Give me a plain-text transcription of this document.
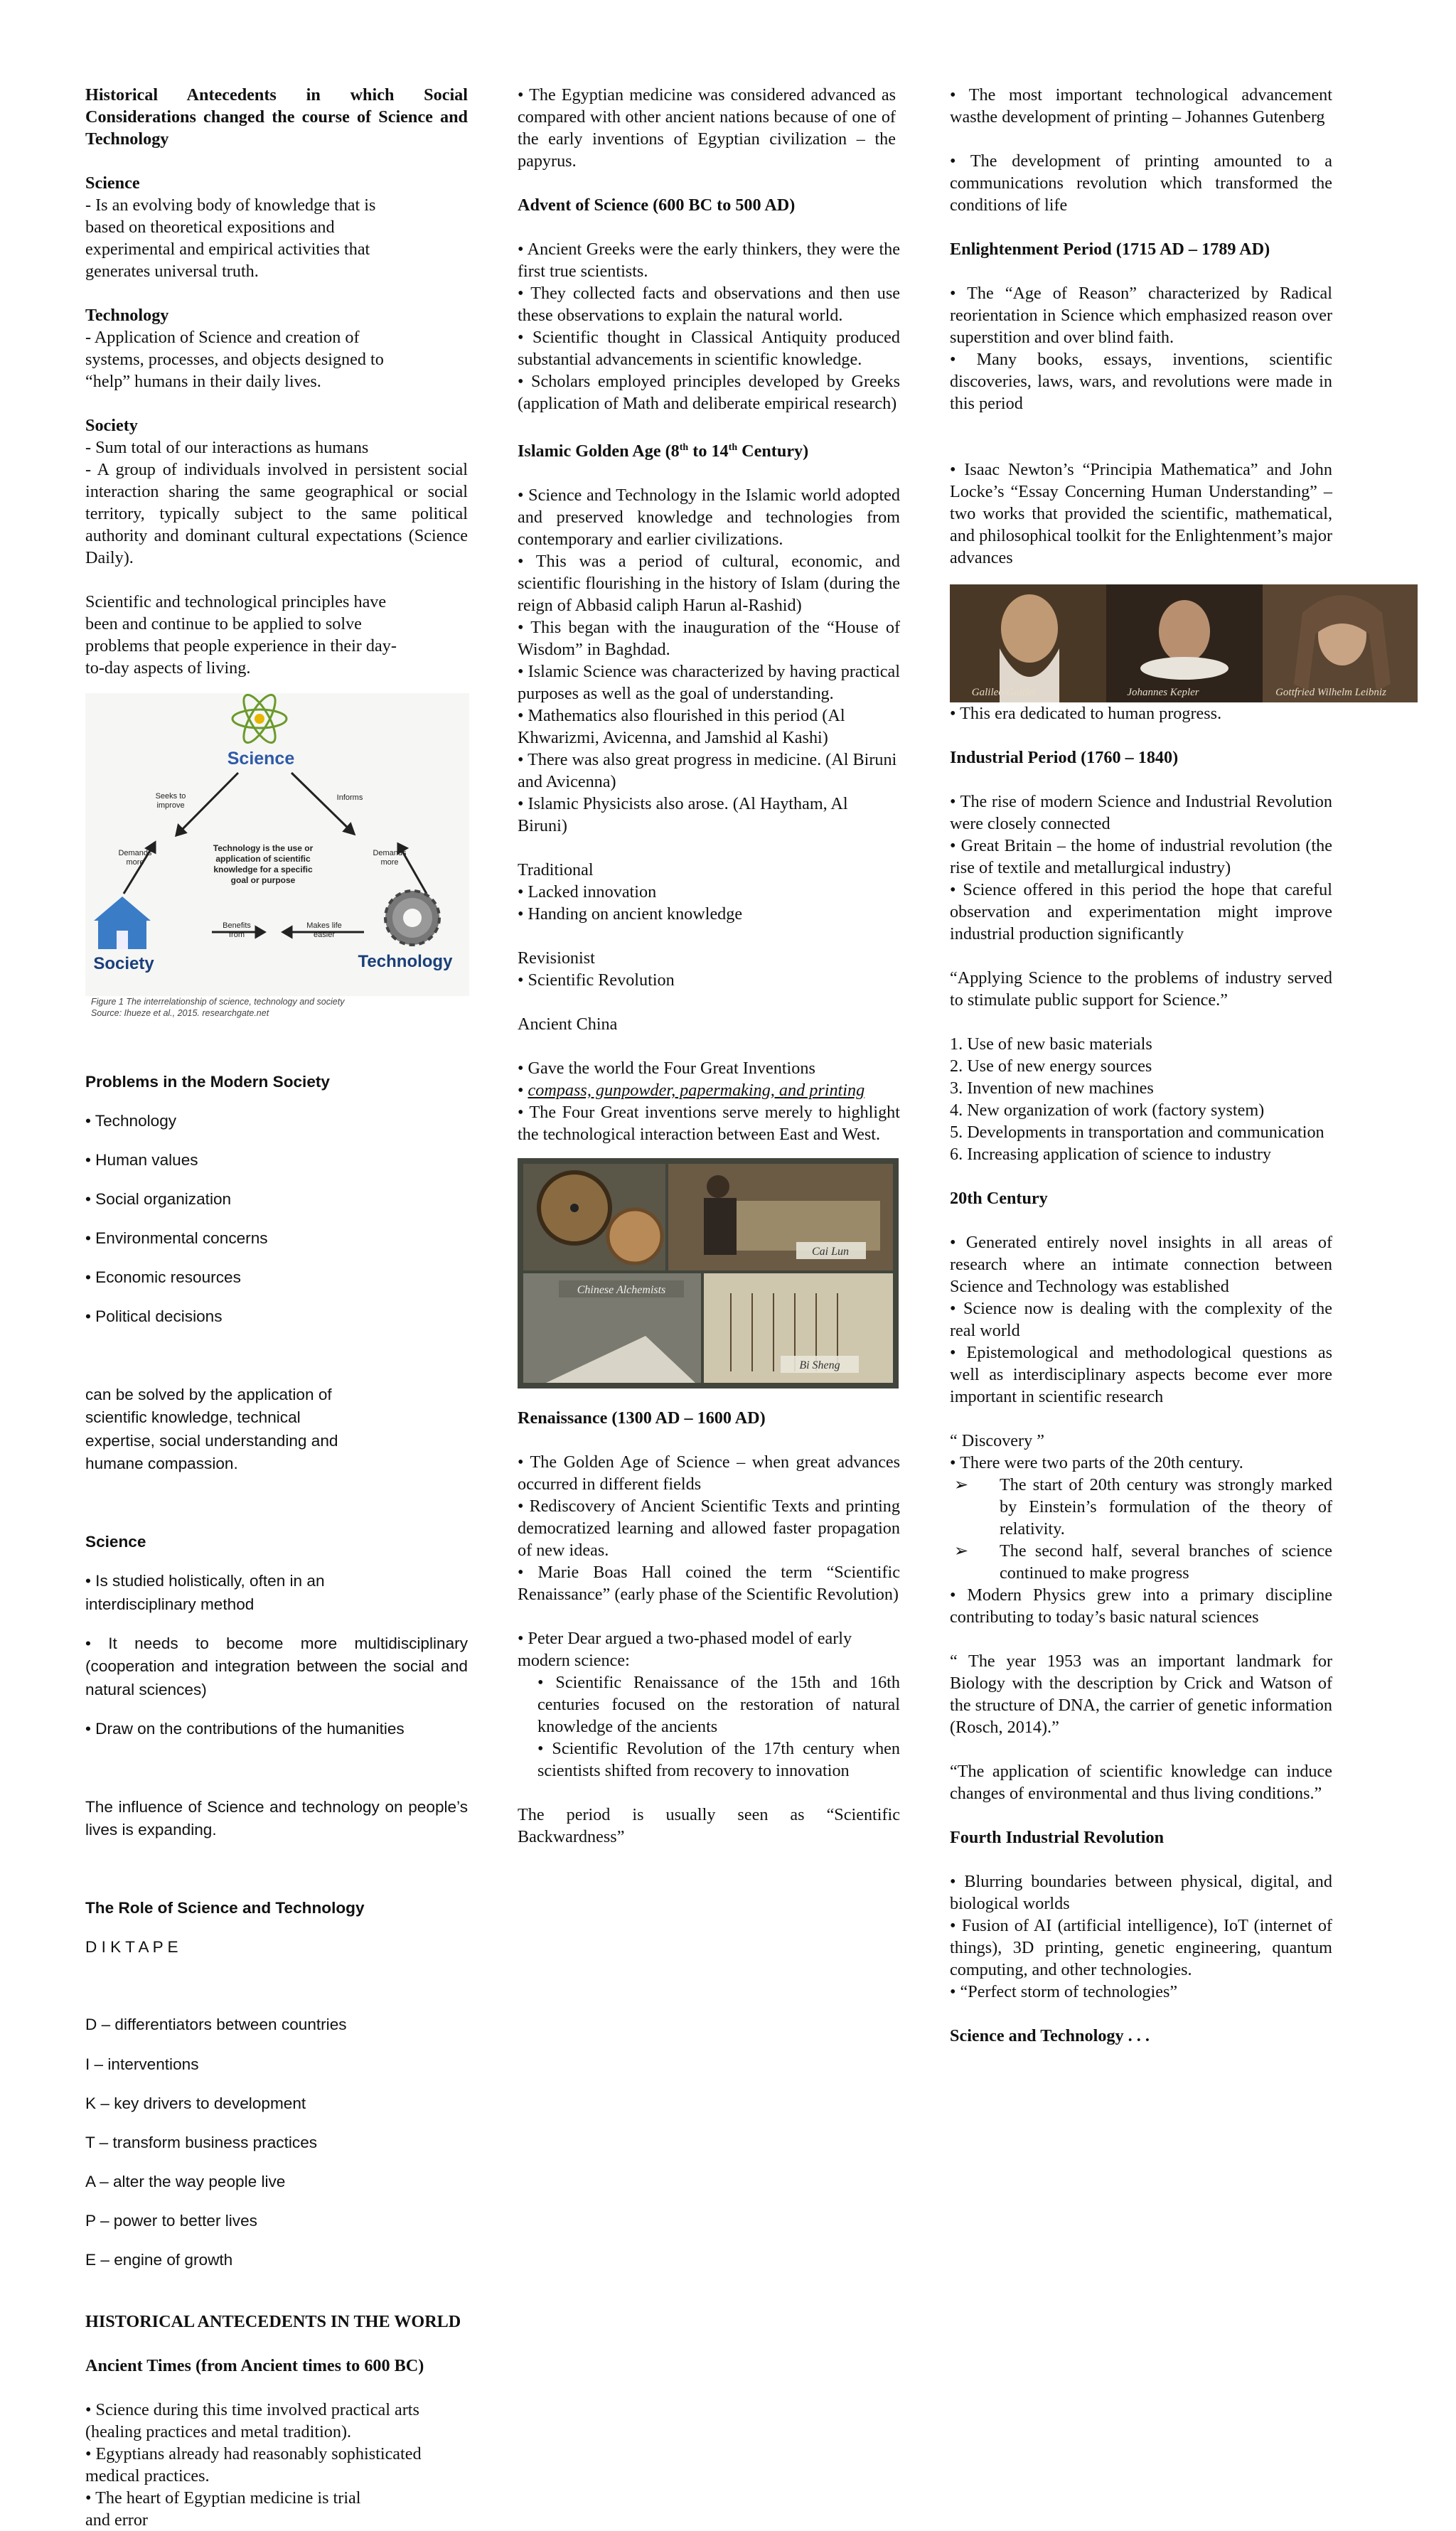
Historical Antecedents in which Social Considerations changed the course of Science and Technology

Science

- Is an evolving body of knowledge that is based on theoretical expositions and experimental and empirical activities that generates universal truth.

Technology

- Application of Science and creation of systems, processes, and objects designed to “help” humans in their daily lives.

Society

- Sum total of our interactions as humans

- A group of individuals involved in persistent social interaction sharing the same geographical or social territory, typically subject to the same political authority and dominant cultural expectations (Science Daily).

Scientific and technological principles have been and continue to be applied to solve problems that people experience in their day-to-day aspects of living.

Science
Seeks to improve
Informs
Demands more
Demands more
Benefits from
Makes life easier
Technology is the use or
application of scientific
knowledge for a specific
goal or purpose
Society	Technology
Figure 1 The interrelationship of science, technology and society
Source: Ihueze et al., 2015. researchgate.net

Problems in the Modern Society

• Technology

• Human values

• Social organization

• Environmental concerns

• Economic resources

• Political decisions

can be solved by the application of scientific knowledge, technical expertise, social understanding and humane compassion.

Science

• Is studied holistically, often in an interdisciplinary method

• It needs to become more multidisciplinary (cooperation and integration between the social and natural sciences)

• Draw on the contributions of the humanities

The influence of Science and technology on people’s lives is expanding.

The Role of Science and Technology

D I K T A P E

D – differentiators between countries

I – interventions

K – key drivers to development

T – transform business practices

A – alter the way people live

P – power to better lives

E – engine of growth

HISTORICAL ANTECEDENTS IN THE WORLD

Ancient Times (from Ancient times to 600 BC)

• Science during this time involved practical arts (healing practices and metal tradition).

• Egyptians already had reasonably sophisticated medical practices.

• The heart of Egyptian medicine is trial and error

• The Egyptian medicine was considered advanced as compared with other ancient nations because of one of the early inventions of Egyptian civilization – the papyrus.

Advent of Science (600 BC to 500 AD)

• Ancient Greeks were the early thinkers, they were the first true scientists.

• They collected facts and observations and then use these observations to explain the natural world.

• Scientific thought in Classical Antiquity produced substantial advancements in scientific knowledge.

• Scholars employed principles developed by Greeks (application of Math and deliberate empirical research)

Islamic Golden Age (8th to 14th Century)

• Science and Technology in the Islamic world adopted and preserved knowledge and technologies from contemporary and earlier civilizations.

• This was a period of cultural, economic, and scientific flourishing in the history of Islam (during the reign of Abbasid caliph Harun al-Rashid)

• This began with the inauguration of the “House of Wisdom” in Baghdad.

• Islamic Science was characterized by having practical purposes as well as the goal of understanding.

• Mathematics also flourished in this period (Al Khwarizmi, Avicenna, and Jamshid al Kashi)

• There was also great progress in medicine. (Al Biruni and Avicenna)

• Islamic Physicists also arose. (Al Haytham, Al Biruni)

Traditional

• Lacked innovation

• Handing on ancient knowledge

Revisionist

• Scientific Revolution

Ancient China

• Gave the world the Four Great Inventions

• compass, gunpowder, papermaking, and printing

• The Four Great inventions serve merely to highlight the technological interaction between East and West.

Cai Lun
Chinese Alchemists
Bi Sheng

Renaissance (1300 AD – 1600 AD)

• The Golden Age of Science – when great advances occurred in different fields

• Rediscovery of Ancient Scientific Texts and printing democratized learning and allowed faster propagation of new ideas.

• Marie Boas Hall coined the term “Scientific Renaissance” (early phase of the Scientific Revolution)

• Peter Dear argued a two-phased model of early modern science:

• Scientific Renaissance of the 15th and 16th centuries focused on the restoration of natural knowledge of the ancients

• Scientific Revolution of the 17th century when scientists shifted from recovery to innovation

The period is usually seen as “Scientific Backwardness”

• The most important technological advancement wasthe development of printing – Johannes Gutenberg

• The development of printing amounted to a communications revolution which transformed the conditions of life

Enlightenment Period (1715 AD – 1789 AD)

• The “Age of Reason” characterized by Radical reorientation in Science which emphasized reason over superstition and over blind faith.

• Many books, essays, inventions, scientific discoveries, laws, wars, and revolutions were made in this period

• Isaac Newton’s “Principia Mathematica” and John Locke’s “Essay Concerning Human Understanding” – two works that provided the scientific, mathematical, and philosophical toolkit for the Enlightenment’s major advances

Galileo Galilei	Johannes Kepler	Gottfried Wilhelm Leibniz

• This era dedicated to human progress.

Industrial Period (1760 – 1840)

• The rise of modern Science and Industrial Revolution were closely connected

• Great Britain – the home of industrial revolution (the rise of textile and metallurgical industry)

• Science offered in this period the hope that careful observation and experimentation might improve industrial production significantly

“Applying Science to the problems of industry served to stimulate public support for Science.”

1. Use of new basic materials

2. Use of new energy sources

3. Invention of new machines

4. New organization of work (factory system)

5. Developments in transportation and communication

6. Increasing application of science to industry

20th Century

• Generated entirely novel insights in all areas of research where an intimate connection between Science and Technology was established

• Science now is dealing with the complexity of the real world

• Epistemological and methodological questions as well as interdisciplinary aspects become ever more important in scientific research

“ Discovery ”

• There were two parts of the 20th century.

➢	The start of 20th century was strongly marked by Einstein’s formulation of the theory of relativity.
➢	The second half, several branches of science continued to make progress

• Modern Physics grew into a primary discipline contributing to today’s basic natural sciences

“ The year 1953 was an important landmark for Biology with the description by Crick and Watson of the structure of DNA, the carrier of genetic information (Rosch, 2014).”

“The application of scientific knowledge can induce changes of environmental and thus living conditions.”

Fourth Industrial Revolution

• Blurring boundaries between physical, digital, and biological worlds

• Fusion of AI (artificial intelligence), IoT (internet of things), 3D printing, genetic engineering, quantum computing, and other technologies.

• “Perfect storm of technologies”

Science and Technology . . .
